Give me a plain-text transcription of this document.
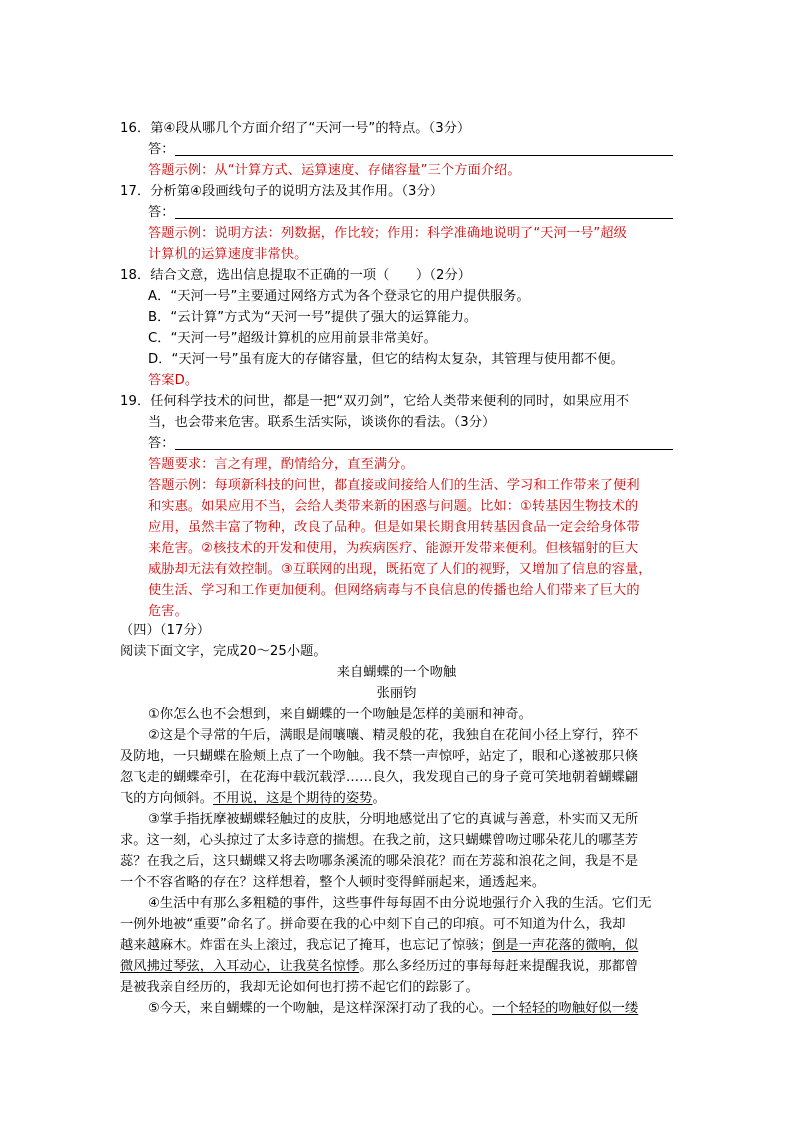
16．第④段从哪几个方面介绍了“天河一号”的特点。（3分）
答：
答题示例：从“计算方式、运算速度、存储容量”三个方面介绍。
17．分析第④段画线句子的说明方法及其作用。（3分）
答：
答题示例：说明方法：列数据，作比较；作用：科学准确地说明了“天河一号”超级
计算机的运算速度非常快。
18．结合文意，选出信息提取不正确的一项（　　）（2分）
A．“天河一号”主要通过网络方式为各个登录它的用户提供服务。
B．“云计算”方式为“天河一号”提供了强大的运算能力。
C．“天河一号”超级计算机的应用前景非常美好。
D．“天河一号”虽有庞大的存储容量，但它的结构太复杂，其管理与使用都不便。
答案D。
19．任何科学技术的问世，都是一把“双刃剑”，它给人类带来便利的同时，如果应用不
当，也会带来危害。联系生活实际，谈谈你的看法。（3分）
答：
答题要求：言之有理，酌情给分，直至满分。
答题示例：每项新科技的问世，都直接或间接给人们的生活、学习和工作带来了便利
和实惠。如果应用不当，会给人类带来新的困惑与问题。比如：①转基因生物技术的
应用，虽然丰富了物种，改良了品种。但是如果长期食用转基因食品一定会给身体带
来危害。②核技术的开发和使用，为疾病医疗、能源开发带来便利。但核辐射的巨大
威胁却无法有效控制。③互联网的出现，既拓宽了人们的视野，又增加了信息的容量，
使生活、学习和工作更加便利。但网络病毒与不良信息的传播也给人们带来了巨大的
危害。
（四）（17分）
阅读下面文字，完成20～25小题。
来自蝴蝶的一个吻触
张丽钧
①你怎么也不会想到，来自蝴蝶的一个吻触是怎样的美丽和神奇。
②这是个寻常的午后，满眼是闹嚷嚷、精灵般的花，我独自在花间小径上穿行，猝不
及防地，一只蝴蝶在脸颊上点了一个吻触。我不禁一声惊呼，站定了，眼和心遂被那只倏
忽飞走的蝴蝶牵引，在花海中载沉载浮……良久，我发现自己的身子竟可笑地朝着蝴蝶翩
飞的方向倾斜。不用说，这是个期待的姿势。
③掌手指抚摩被蝴蝶轻触过的皮肤，分明地感觉出了它的真诚与善意，朴实而又无所
求。这一刻，心头掠过了太多诗意的揣想。在我之前，这只蝴蝶曾吻过哪朵花儿的哪茎芳
蕊？在我之后，这只蝴蝶又将去吻哪条溪流的哪朵浪花？而在芳蕊和浪花之间，我是不是
一个不容省略的存在？这样想着，整个人顿时变得鲜丽起来，通透起来。
④生活中有那么多粗糙的事件，这些事件每每固不由分说地强行介入我的生活。它们无
一例外地被“重要”命名了。拼命要在我的心中刻下自己的印痕。可不知道为什么，我却
越来越麻木。炸雷在头上滚过，我忘记了掩耳，也忘记了惊骇；倒是一声花落的微响，似
微风拂过琴弦，入耳动心，让我莫名惊悸。那么多经历过的事每每赶来提醒我说，那都曾
是被我亲自经历的，我却无论如何也打捞不起它们的踪影了。
⑤今天，来自蝴蝶的一个吻触，是这样深深打动了我的心。一个轻轻的吻触好似一缕
